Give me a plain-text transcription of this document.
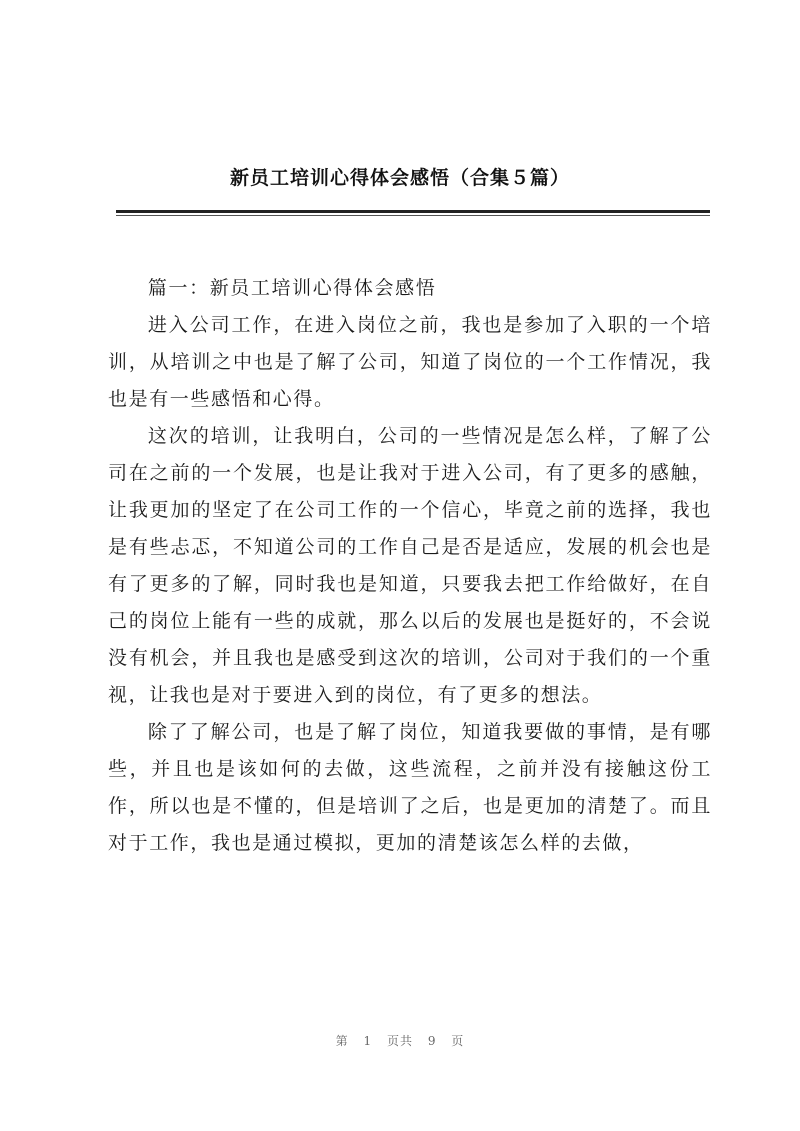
新员工培训心得体会感悟（合集５篇）

篇一：新员工培训心得体会感悟

进入公司工作，在进入岗位之前，我也是参加了入职的一个培训，从培训之中也是了解了公司，知道了岗位的一个工作情况，我也是有一些感悟和心得。

这次的培训，让我明白，公司的一些情况是怎么样，了解了公司在之前的一个发展，也是让我对于进入公司，有了更多的感触，让我更加的坚定了在公司工作的一个信心，毕竟之前的选择，我也是有些忐忑，不知道公司的工作自己是否是适应，发展的机会也是有了更多的了解，同时我也是知道，只要我去把工作给做好，在自己的岗位上能有一些的成就，那么以后的发展也是挺好的，不会说没有机会，并且我也是感受到这次的培训，公司对于我们的一个重视，让我也是对于要进入到的岗位，有了更多的想法。

除了了解公司，也是了解了岗位，知道我要做的事情，是有哪些，并且也是该如何的去做，这些流程，之前并没有接触这份工作，所以也是不懂的，但是培训了之后，也是更加的清楚了。而且对于工作，我也是通过模拟，更加的清楚该怎么样的去做，

第 1 页共 9 页
